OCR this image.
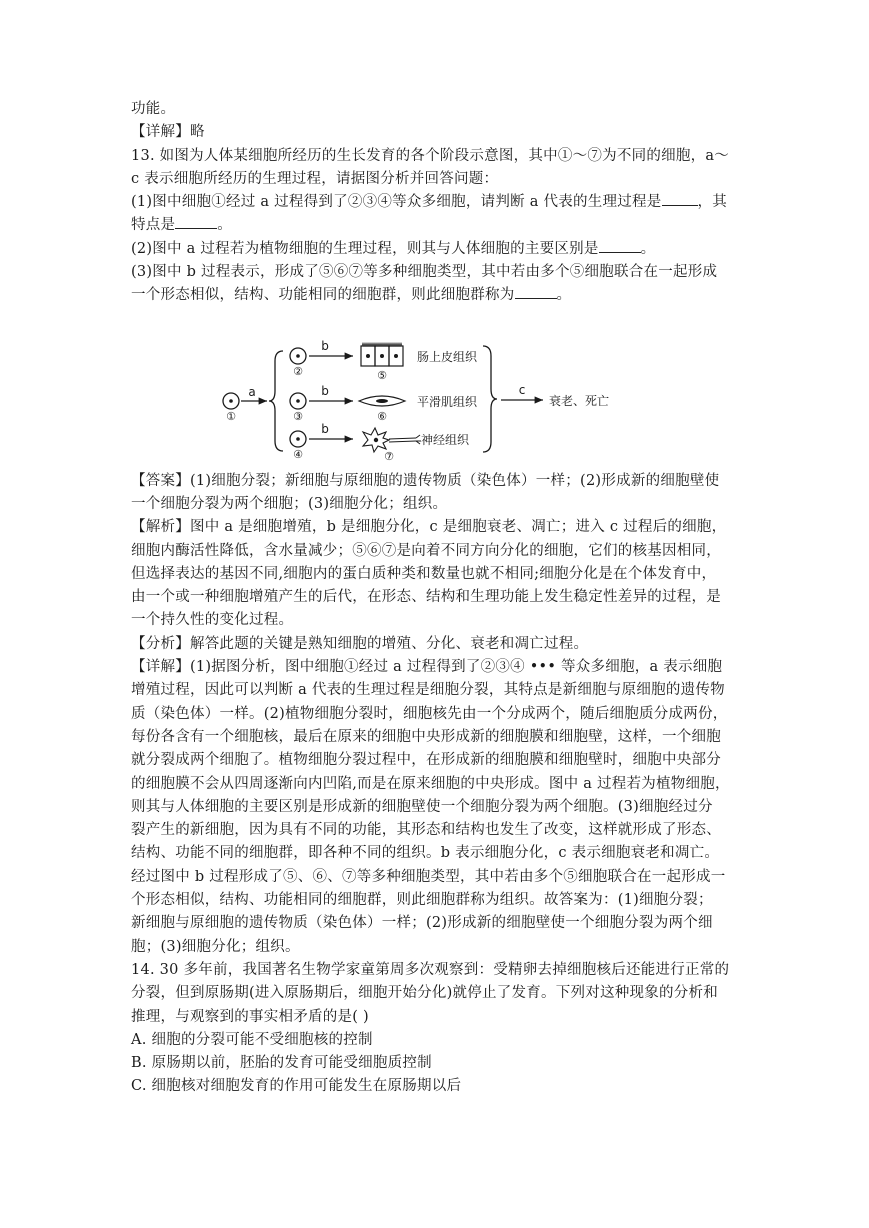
功能。
【详解】略
13. 如图为人体某细胞所经历的生长发育的各个阶段示意图，其中①～⑦为不同的细胞，a～
c 表示细胞所经历的生理过程，请据图分析并回答问题：
(1)图中细胞①经过 a 过程得到了②③④等众多细胞，请判断 a 代表的生理过程是 ，其
特点是	。
(2)图中 a 过程若为植物细胞的生理过程，则其与人体细胞的主要区别是	。
(3)图中 b 过程表示，形成了⑤⑥⑦等多种细胞类型，其中若由多个⑤细胞联合在一起形成
一个形态相似，结构、功能相同的细胞群，则此细胞群称为	。
①
a
②
③
④
b
b
b
⑤
⑥
⑦
肠上皮组织
平滑肌组织
神经组织
c
衰老、死亡
【答案】(1)细胞分裂；新细胞与原细胞的遗传物质（染色体）一样；(2)形成新的细胞壁使
一个细胞分裂为两个细胞；(3)细胞分化；组织。
【解析】图中 a 是细胞增殖，b 是细胞分化，c 是细胞衰老、凋亡；进入 c 过程后的细胞，
细胞内酶活性降低，含水量减少；⑤⑥⑦是向着不同方向分化的细胞，它们的核基因相同，
但选择表达的基因不同,细胞内的蛋白质种类和数量也就不相同;细胞分化是在个体发育中，
由一个或一种细胞增殖产生的后代，在形态、结构和生理功能上发生稳定性差异的过程，是
一个持久性的变化过程。
【分析】解答此题的关键是熟知细胞的增殖、分化、衰老和凋亡过程。
【详解】(1)据图分析，图中细胞①经过 a 过程得到了②③④ ••• 等众多细胞，a 表示细胞
增殖过程，因此可以判断 a 代表的生理过程是细胞分裂，其特点是新细胞与原细胞的遗传物
质（染色体）一样。(2)植物细胞分裂时，细胞核先由一个分成两个，随后细胞质分成两份，
每份各含有一个细胞核，最后在原来的细胞中央形成新的细胞膜和细胞壁，这样，一个细胞
就分裂成两个细胞了。植物细胞分裂过程中，在形成新的细胞膜和细胞壁时，细胞中央部分
的细胞膜不会从四周逐渐向内凹陷,而是在原来细胞的中央形成。图中 a 过程若为植物细胞，
则其与人体细胞的主要区别是形成新的细胞壁使一个细胞分裂为两个细胞。(3)细胞经过分
裂产生的新细胞，因为具有不同的功能，其形态和结构也发生了改变，这样就形成了形态、
结构、功能不同的细胞群，即各种不同的组织。b 表示细胞分化，c 表示细胞衰老和凋亡。
经过图中 b 过程形成了⑤、⑥、⑦等多种细胞类型，其中若由多个⑤细胞联合在一起形成一
个形态相似，结构、功能相同的细胞群，则此细胞群称为组织。故答案为：(1)细胞分裂；
新细胞与原细胞的遗传物质（染色体）一样；(2)形成新的细胞壁使一个细胞分裂为两个细
胞；(3)细胞分化；组织。
14. 30 多年前，我国著名生物学家童第周多次观察到：受精卵去掉细胞核后还能进行正常的
分裂，但到原肠期(进入原肠期后，细胞开始分化)就停止了发育。下列对这种现象的分析和
推理，与观察到的事实相矛盾的是( )
A. 细胞的分裂可能不受细胞核的控制
B. 原肠期以前，胚胎的发育可能受细胞质控制
C. 细胞核对细胞发育的作用可能发生在原肠期以后
